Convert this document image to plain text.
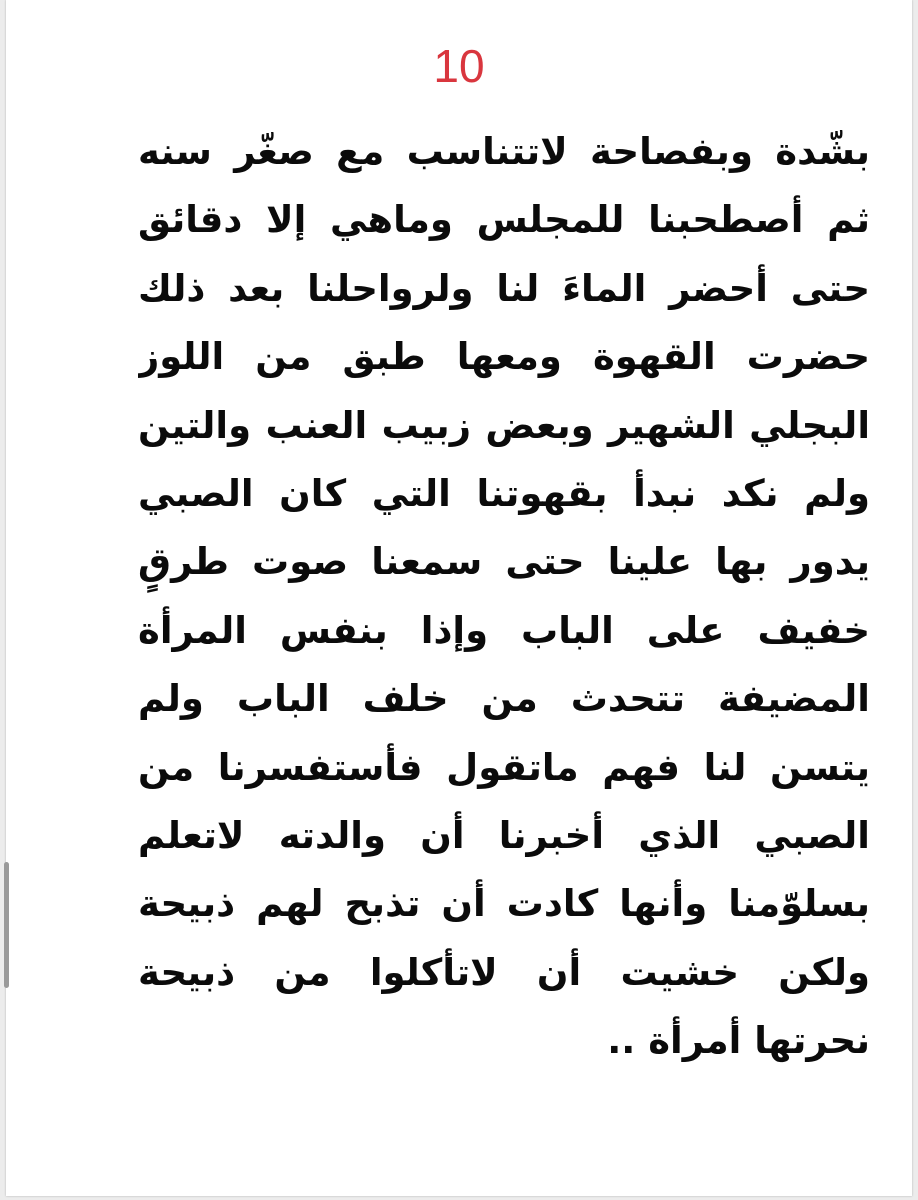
10
بشّدة وبفصاحة لاتتناسب مع صغّر سنه
ثم أصطحبنا للمجلس وماهي إلا دقائق
حتى أحضر الماءَ لنا ولرواحلنا بعد ذلك
حضرت القهوة ومعها طبق من اللوز
البجلي الشهير وبعض زبيب العنب والتين
ولم نكد نبدأ بقهوتنا التي كان الصبي
يدور بها علينا حتى سمعنا صوت طرقٍ
خفيف على الباب وإذا بنفس المرأة
المضيفة تتحدث من خلف الباب ولم
يتسن لنا فهم ماتقول فأستفسرنا من
الصبي الذي أخبرنا أن والدته لاتعلم
بسلوّمنا وأنها كادت أن تذبح لهم ذبيحة
ولكن خشيت أن لاتأكلوا من ذبيحة
نحرتها أمرأة ..
